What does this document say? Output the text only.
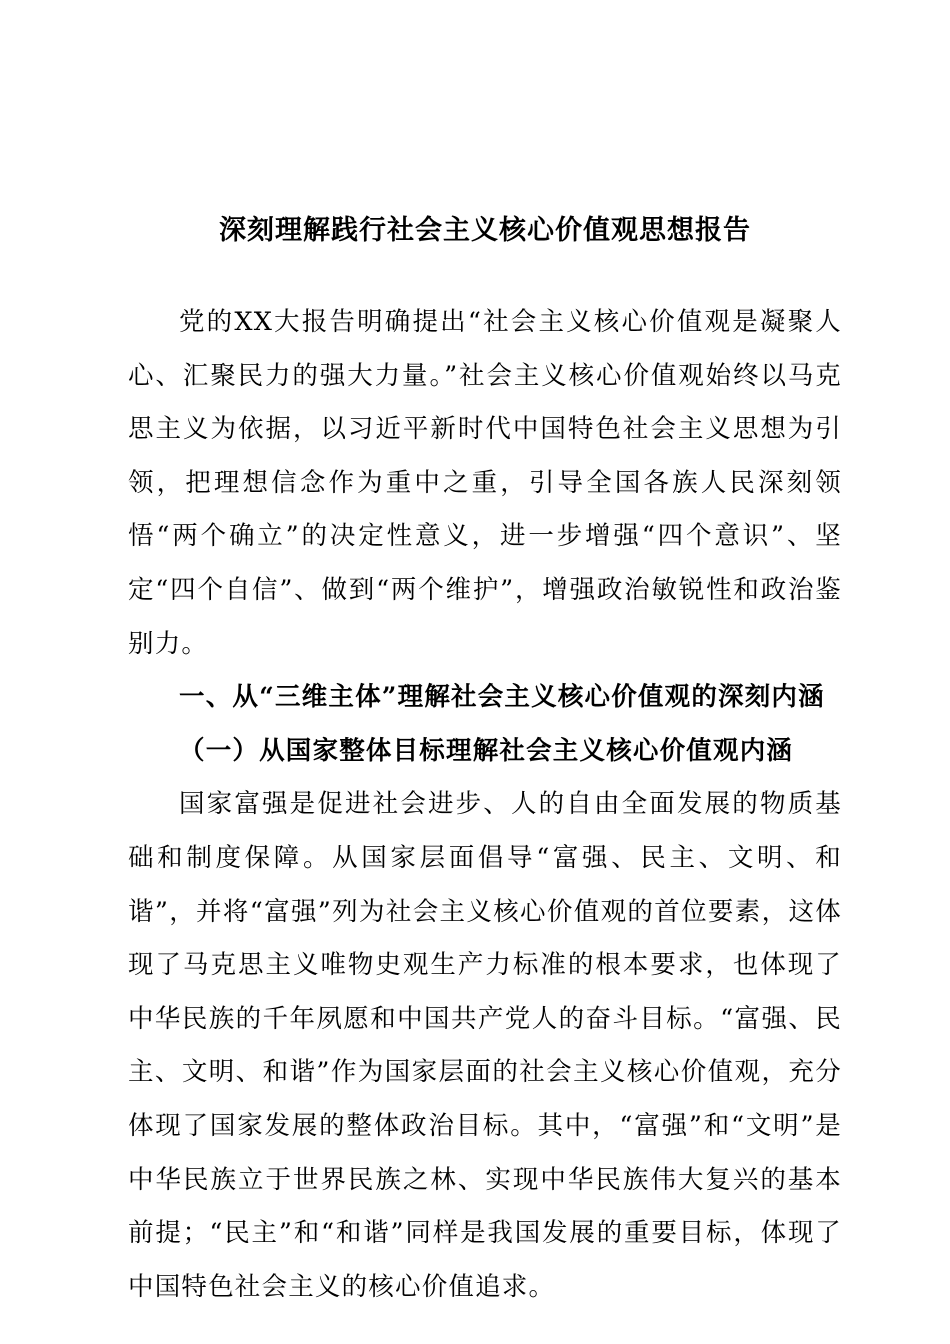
深刻理解践行社会主义核心价值观思想报告

党的XX大报告明确提出“社会主义核心价值观是凝聚人心、汇聚民力的强大力量。”社会主义核心价值观始终以马克思主义为依据，以习近平新时代中国特色社会主义思想为引领，把理想信念作为重中之重，引导全国各族人民深刻领悟“两个确立”的决定性意义，进一步增强“四个意识”、坚定“四个自信”、做到“两个维护”，增强政治敏锐性和政治鉴别力。

一、从“三维主体”理解社会主义核心价值观的深刻内涵

（一）从国家整体目标理解社会主义核心价值观内涵

国家富强是促进社会进步、人的自由全面发展的物质基础和制度保障。从国家层面倡导“富强、民主、文明、和谐”，并将“富强”列为社会主义核心价值观的首位要素，这体现了马克思主义唯物史观生产力标准的根本要求，也体现了中华民族的千年夙愿和中国共产党人的奋斗目标。“富强、民主、文明、和谐”作为国家层面的社会主义核心价值观，充分体现了国家发展的整体政治目标。其中，“富强”和“文明”是中华民族立于世界民族之林、实现中华民族伟大复兴的基本前提；“民主”和“和谐”同样是我国发展的重要目标，体现了中国特色社会主义的核心价值追求。
